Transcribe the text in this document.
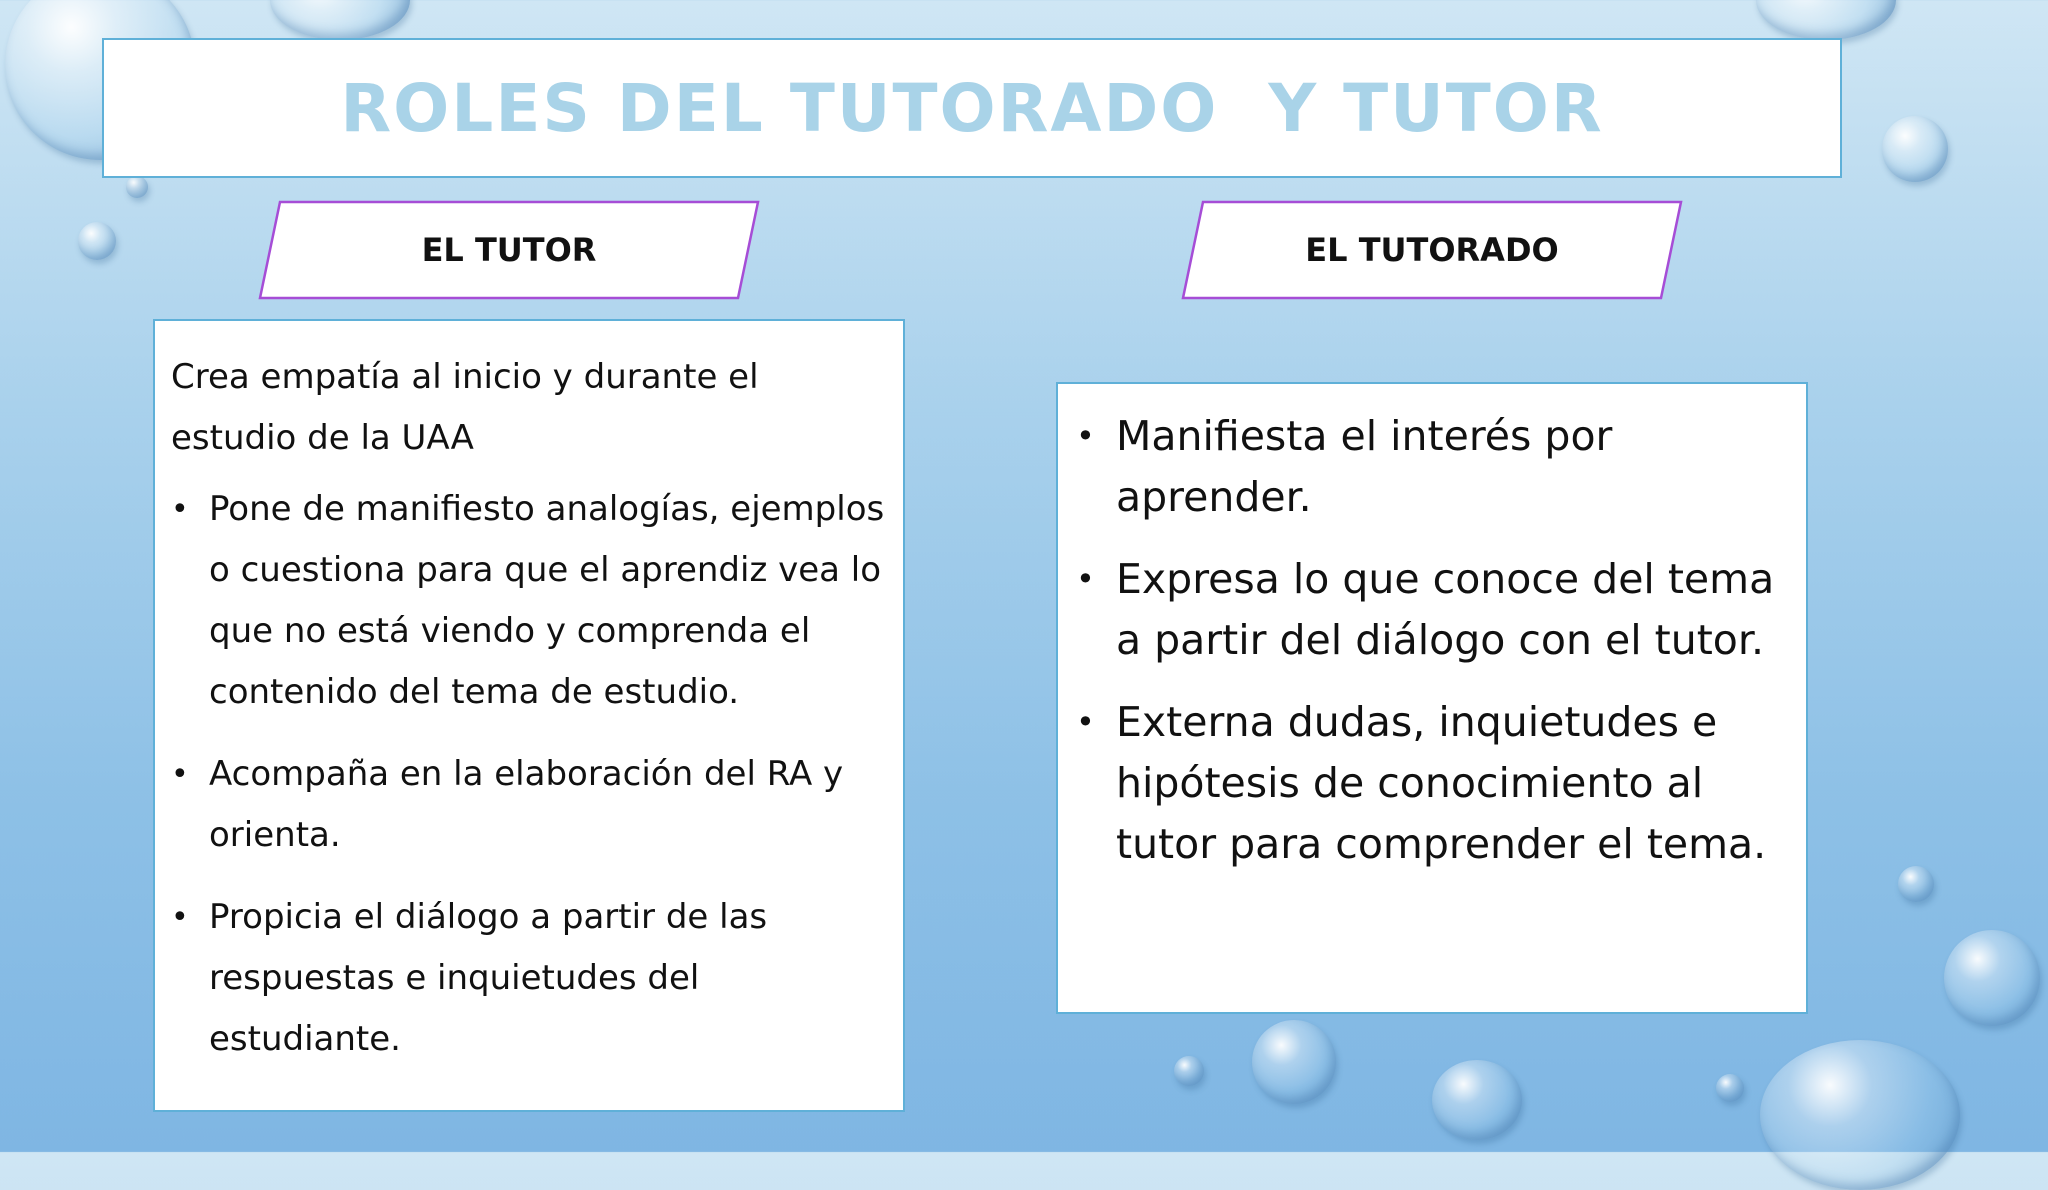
ROLES DEL TUTORADO  Y TUTOR
EL TUTOR	EL TUTORADO

Crea empatía al inicio y durante el estudio de la UAA

• Pone de manifiesto analogías, ejemplos o cuestiona para que el aprendiz vea lo que no está viendo y comprenda el contenido del tema de estudio.
• Acompaña en la elaboración del RA y orienta.
• Propicia el diálogo a partir de las respuestas e inquietudes del estudiante.
• Manifiesta el interés por aprender.
• Expresa lo que conoce del tema a partir del diálogo con el tutor.
• Externa dudas, inquietudes e hipótesis de conocimiento al tutor para comprender el tema.
